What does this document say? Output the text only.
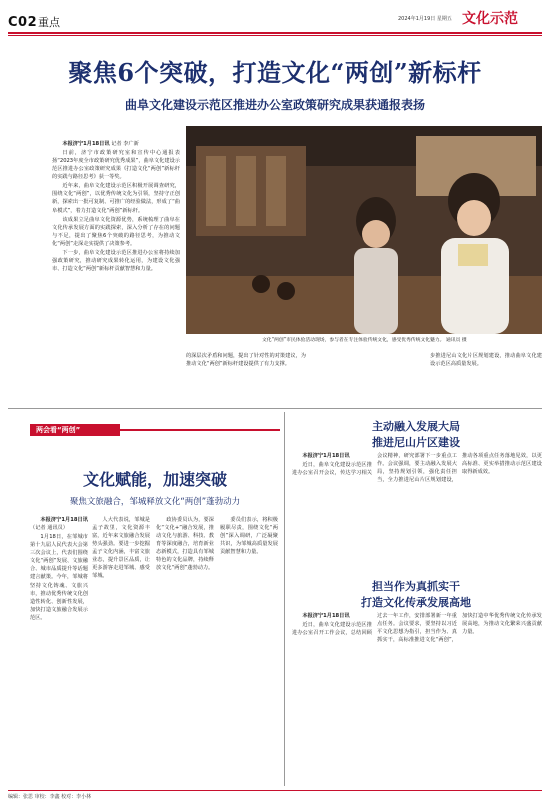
C02 重点	2024年1月19日 星期五 文化示范
聚焦6个突破，打造文化“两创”新标杆
曲阜文化建设示范区推进办公室政策研究成果获通报表扬

本报济宁1月18日讯 记者 李广新

日前，济宁市政策研究室和宣传中心通报表扬“2023年度全市政策研究优秀成果”，曲阜文化建设示范区推进办公室政策研究成果《打造文化“两创”新标杆的实践与路径思考》获一等奖。

近年来，曲阜文化建设示范区积极开展调查研究，围绕文化“两创”，以优秀传统文化为引领，坚持守正创新，探索出一批可复制、可推广的经验做法，形成了“曲阜模式”，着力打造文化“两创”新标杆。

该成果立足曲阜文化资源优势，系统梳理了曲阜在文化传承发展方面的实践探索，深入分析了存在的问题与不足，提出了聚焦6个突破的路径思考，为推动文化“两创”走深走实提供了决策参考。

下一步，曲阜文化建设示范区推进办公室将持续加强政策研究，推动研究成果转化运用，为建设文化强市、打造文化“两创”新标杆贡献智慧和力量。

文化“两创”市民体验活动现场，参与者在专注体验传统文化，感受优秀传统文化魅力。 通讯员 摄

的深层次矛盾和问题，提出了针对性的对策建议，为推动文化“两创”新标杆建设提供了有力支撑。

步推进尼山文化片区规划建设，推动曲阜文化建设示范区高质量发展。

两会看“两创”
文化赋能，加速突破
聚焦文旅融合，邹城释放文化“两创”蓬勃动力

本报济宁1月18日讯（记者 通讯员）

1月18日，在邹城市第十九届人民代表大会第三次会议上，代表们围绕文化“两创”发展、文旅融合、城市品质提升等话题建言献策。今年，邹城将坚持文化铸魂、文旅兴市，推动优秀传统文化创造性转化、创新性发展，加快打造文旅融合发展示范区。

人大代表说，邹城是孟子故里，文化资源丰富，近年来文旅融合发展势头强劲。要进一步挖掘孟子文化内涵，丰富文旅业态，提升景区品质，让更多游客走进邹城、感受邹城。

政协委员认为，要深化“文化+”融合发展，推动文化与旅游、科技、教育等深度融合，培育新业态新模式，打造具有邹城特色的文化品牌，持续释放文化“两创”蓬勃动力。

委员们表示，将积极履职尽责，围绕文化“两创”深入调研，广泛凝聚共识，为邹城高质量发展贡献智慧和力量。

主动融入发展大局
推进尼山片区建设

本报济宁1月18日讯

近日，曲阜文化建设示范区推进办公室召开会议，传达学习相关会议精神，研究部署下一步重点工作。会议强调，要主动融入发展大局，坚持规划引领，强化责任担当，全力推进尼山片区规划建设，推动各项重点任务落地见效，以更高标准、更实举措推动示范区建设取得新成效。

担当作为真抓实干
打造文化传承发展高地

本报济宁1月18日讯

近日，曲阜文化建设示范区推进办公室召开工作会议，总结回顾过去一年工作，安排部署新一年重点任务。会议要求，要坚持以习近平文化思想为指引，担当作为、真抓实干，高标准推进文化“两创”，加快打造中华优秀传统文化传承发展高地，为推动文化繁荣兴盛贡献力量。

编辑：张思 审校：李鑫 校对：李小林
